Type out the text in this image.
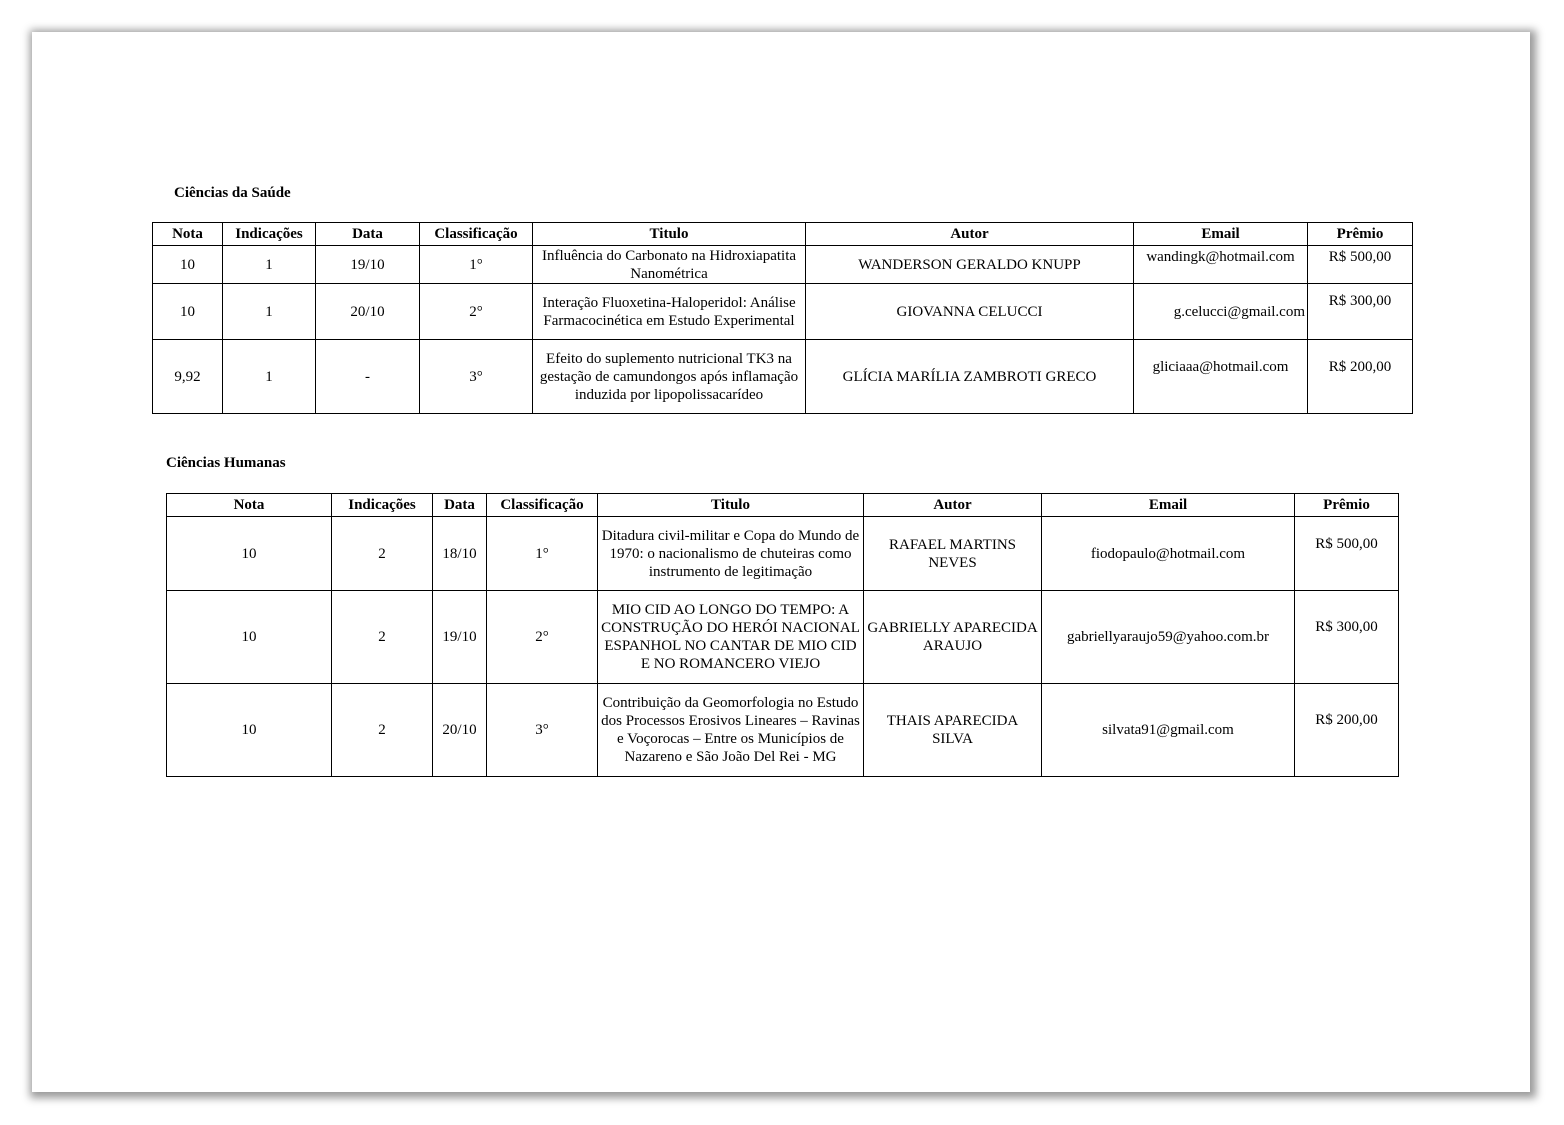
Ciências da Saúde
Nota	Indicações	Data	Classificação	Titulo	Autor	Email	Prêmio
10	1	19/10	1°	Influência do Carbonato na Hidroxiapatita Nanométrica	WANDERSON GERALDO KNUPP	wandingk@hotmail.com	R$ 500,00
10	1	20/10	2°	Interação Fluoxetina-Haloperidol: Análise Farmacocinética em Estudo Experimental	GIOVANNA CELUCCI	g.celucci@gmail.com	R$ 300,00
9,92	1	-	3°	Efeito do suplemento nutricional TK3 na gestação de camundongos após inflamação induzida por lipopolissacarídeo	GLÍCIA MARÍLIA ZAMBROTI GRECO	gliciaaa@hotmail.com	R$ 200,00
Ciências Humanas
Nota	Indicações	Data	Classificação	Titulo	Autor	Email	Prêmio
10	2	18/10	1°	Ditadura civil-militar e Copa do Mundo de 1970: o nacionalismo de chuteiras como instrumento de legitimação	RAFAEL MARTINS NEVES	fiodopaulo@hotmail.com	R$ 500,00
10	2	19/10	2°	MIO CID AO LONGO DO TEMPO: A CONSTRUÇÃO DO HERÓI NACIONAL ESPANHOL NO CANTAR DE MIO CID E NO ROMANCERO VIEJO	GABRIELLY APARECIDA ARAUJO	gabriellyaraujo59@yahoo.com.br	R$ 300,00
10	2	20/10	3°	Contribuição da Geomorfologia no Estudo dos Processos Erosivos Lineares – Ravinas e Voçorocas – Entre os Municípios de Nazareno e São João Del Rei - MG	THAIS APARECIDA SILVA	silvata91@gmail.com	R$ 200,00
